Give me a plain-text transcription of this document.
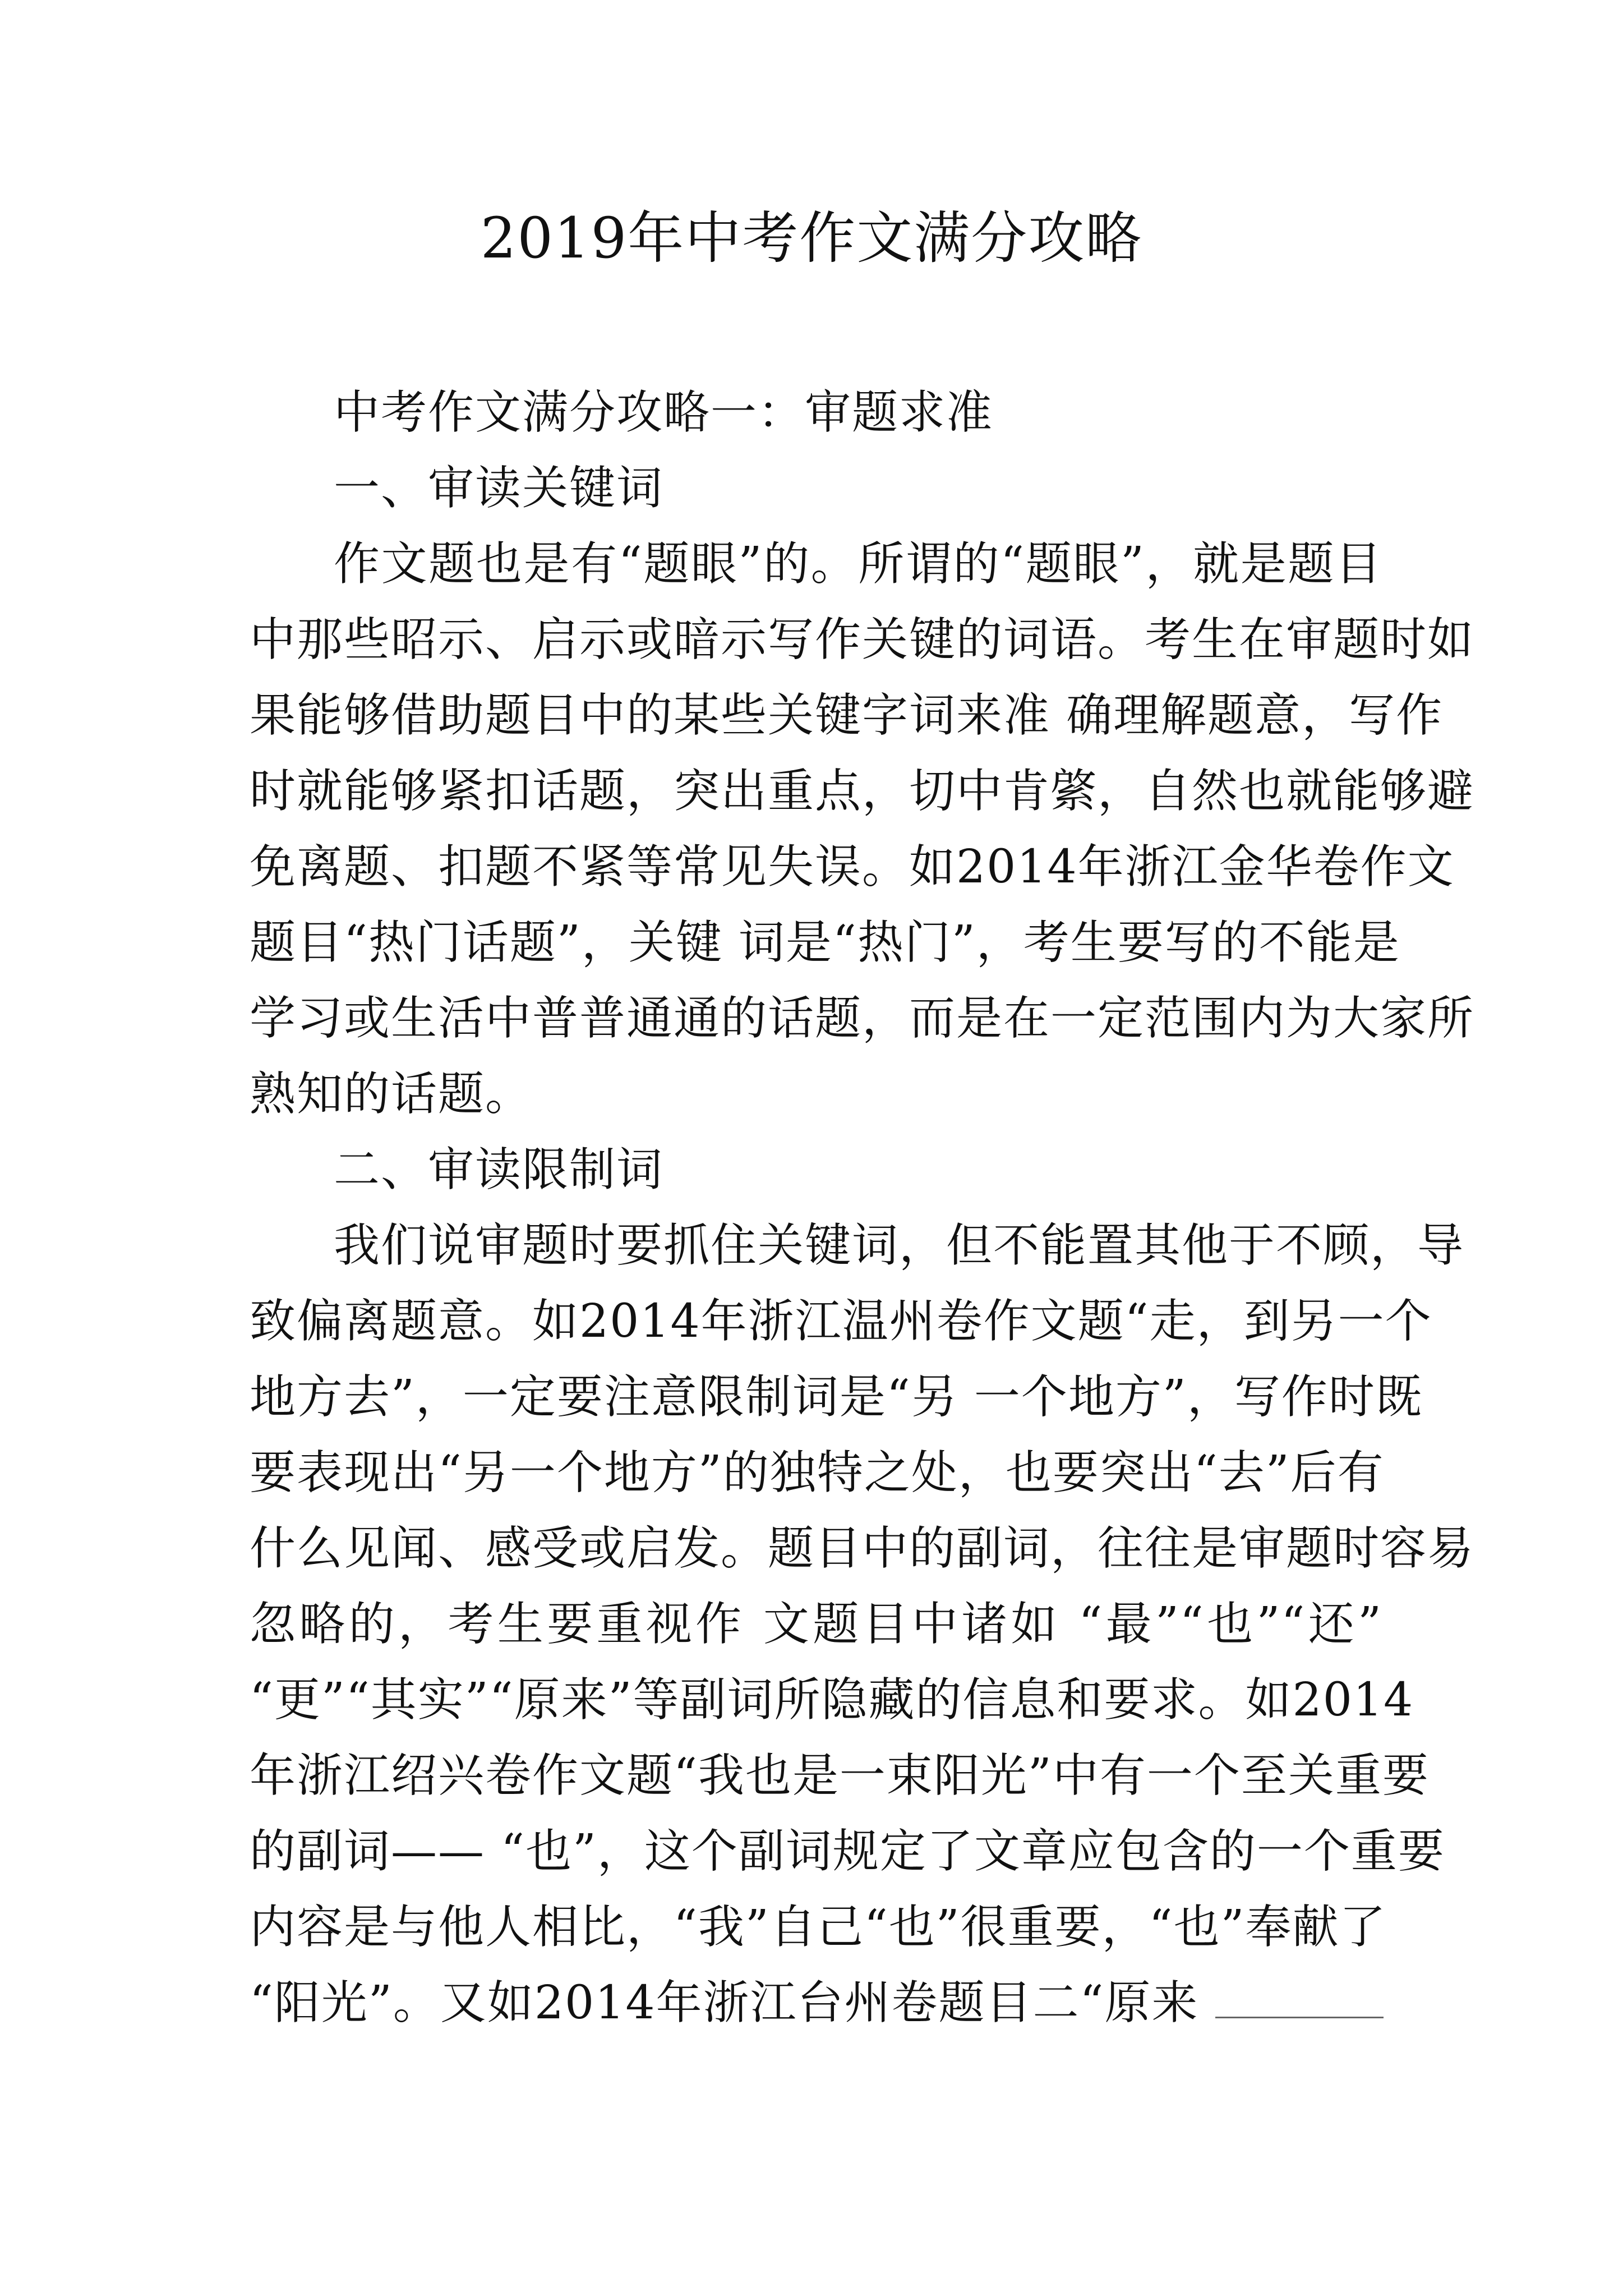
2019年中考作文满分攻略

中考作文满分攻略一：审题求准

一、审读关键词

作文题也是有“题眼”的。所谓的“题眼”，就是题目
中那些昭示、启示或暗示写作关键的词语。考生在审题时如
果能够借助题目中的某些关键字词来准 确理解题意，写作
时就能够紧扣话题，突出重点，切中肯綮，自然也就能够避
免离题、扣题不紧等常见失误。如2014年浙江金华卷作文
题目“热门话题”，关键 词是“热门”，考生要写的不能是
学习或生活中普普通通的话题，而是在一定范围内为大家所
熟知的话题。

二、审读限制词

我们说审题时要抓住关键词，但不能置其他于不顾，导
致偏离题意。如2014年浙江温州卷作文题“走，到另一个
地方去”，一定要注意限制词是“另 一个地方”，写作时既
要表现出“另一个地方”的独特之处，也要突出“去”后有
什么见闻、感受或启发。题目中的副词，往往是审题时容易
忽略的，考生要重视作 文题目中诸如 “最”“也”“还”
“更”“其实”“原来”等副词所隐藏的信息和要求。如2014
年浙江绍兴卷作文题“我也是一束阳光”中有一个至关重要
的副词—— “也”，这个副词规定了文章应包含的一个重要
内容是与他人相比，“我”自己“也”很重要，“也”奉献了
“阳光”。又如2014年浙江台州卷题目二“原来
